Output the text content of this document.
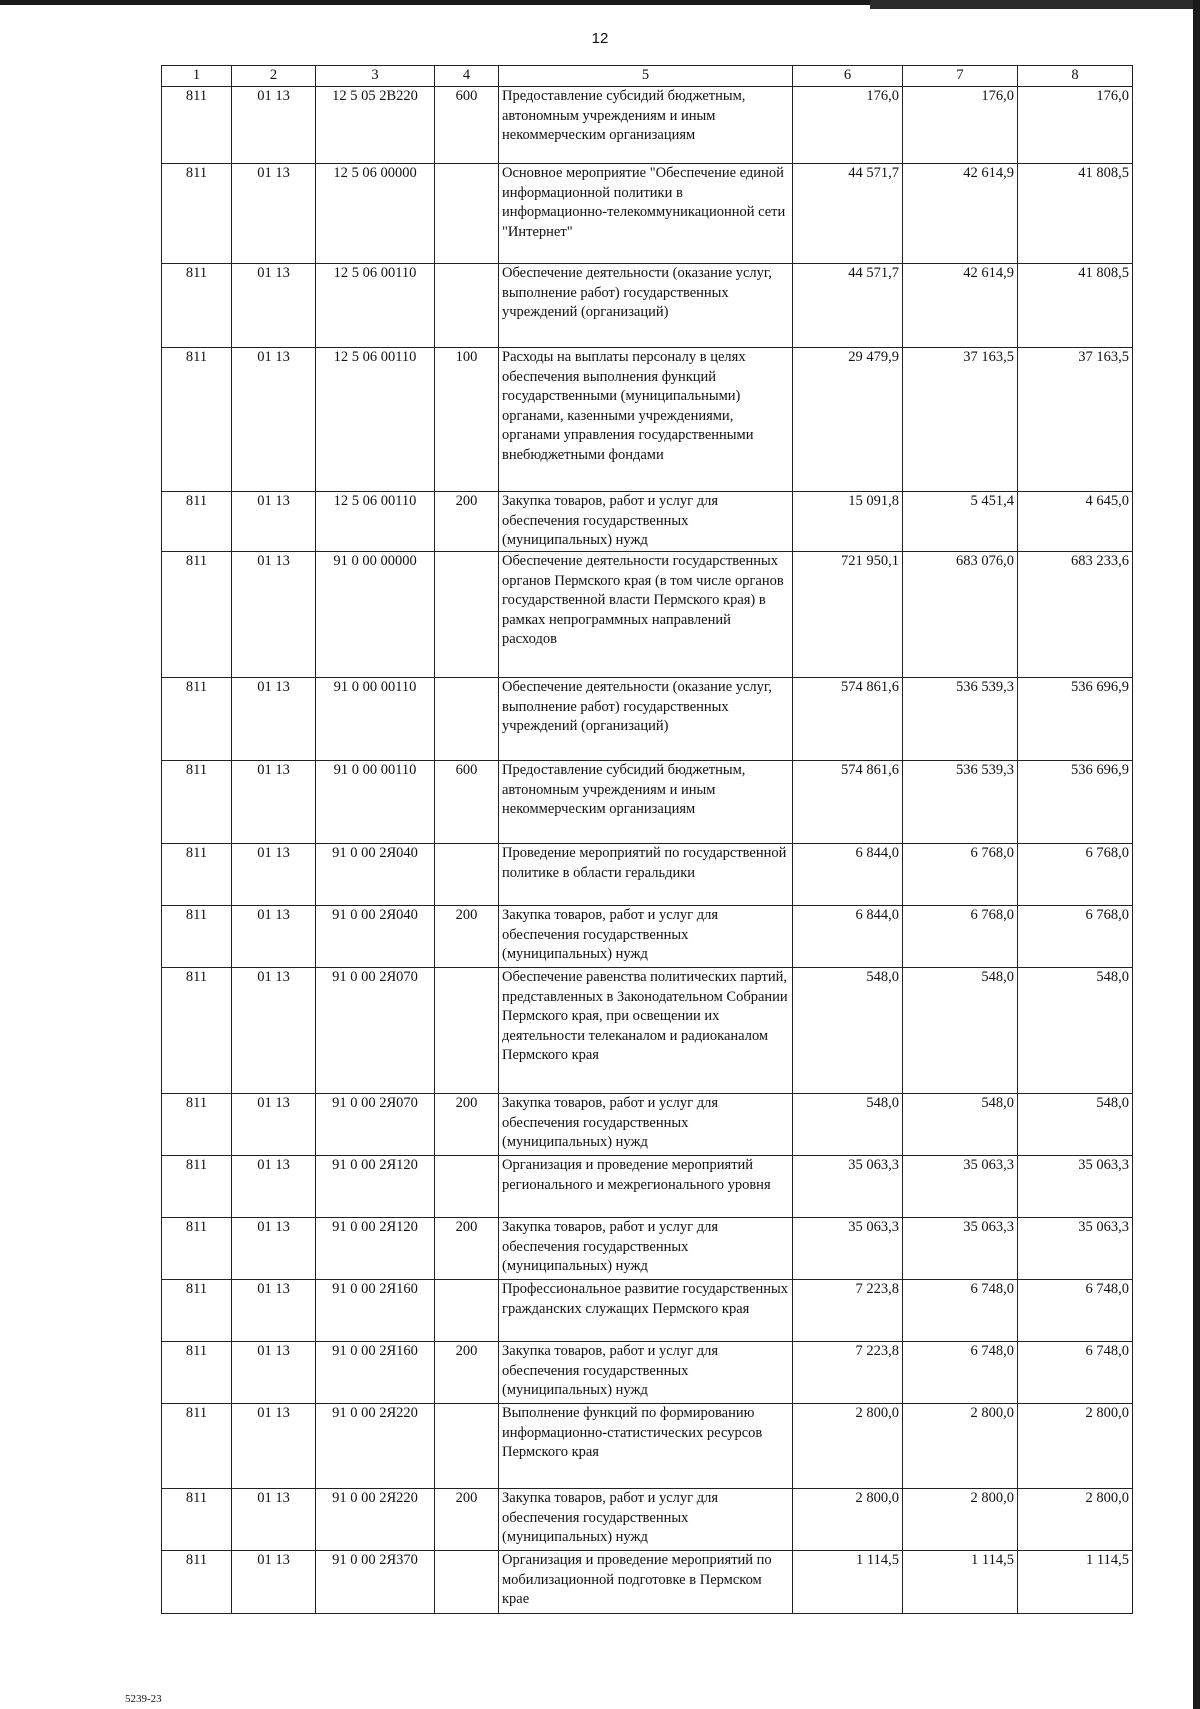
12
1	2	3	4	5	6	7	8
811	01 13	12 5 05 2В220	600	Предоставление субсидий бюджетным, автономным учреждениям и иным некоммерческим организациям	176,0	176,0	176,0
811	01 13	12 5 06 00000		Основное мероприятие "Обеспечение единой информационной политики в информационно-телекоммуникационной сети "Интернет"	44 571,7	42 614,9	41 808,5
811	01 13	12 5 06 00110		Обеспечение деятельности (оказание услуг, выполнение работ) государственных учреждений (организаций)	44 571,7	42 614,9	41 808,5
811	01 13	12 5 06 00110	100	Расходы на выплаты персоналу в целях обеспечения выполнения функций государственными (муниципальными) органами, казенными учреждениями, органами управления государственными внебюджетными фондами	29 479,9	37 163,5	37 163,5
811	01 13	12 5 06 00110	200	Закупка товаров, работ и услуг для обеспечения государственных (муниципальных) нужд	15 091,8	5 451,4	4 645,0
811	01 13	91 0 00 00000		Обеспечение деятельности государственных органов Пермского края (в том числе органов государственной власти Пермского края) в рамках непрограммных направлений расходов	721 950,1	683 076,0	683 233,6
811	01 13	91 0 00 00110		Обеспечение деятельности (оказание услуг, выполнение работ) государственных учреждений (организаций)	574 861,6	536 539,3	536 696,9
811	01 13	91 0 00 00110	600	Предоставление субсидий бюджетным, автономным учреждениям и иным некоммерческим организациям	574 861,6	536 539,3	536 696,9
811	01 13	91 0 00 2Я040		Проведение мероприятий по государственной политике в области геральдики	6 844,0	6 768,0	6 768,0
811	01 13	91 0 00 2Я040	200	Закупка товаров, работ и услуг для обеспечения государственных (муниципальных) нужд	6 844,0	6 768,0	6 768,0
811	01 13	91 0 00 2Я070		Обеспечение равенства политических партий, представленных в Законодательном Собрании Пермского края, при освещении их деятельности телеканалом и радиоканалом Пермского края	548,0	548,0	548,0
811	01 13	91 0 00 2Я070	200	Закупка товаров, работ и услуг для обеспечения государственных (муниципальных) нужд	548,0	548,0	548,0
811	01 13	91 0 00 2Я120		Организация и проведение мероприятий регионального и межрегионального уровня	35 063,3	35 063,3	35 063,3
811	01 13	91 0 00 2Я120	200	Закупка товаров, работ и услуг для обеспечения государственных (муниципальных) нужд	35 063,3	35 063,3	35 063,3
811	01 13	91 0 00 2Я160		Профессиональное развитие государственных гражданских служащих Пермского края	7 223,8	6 748,0	6 748,0
811	01 13	91 0 00 2Я160	200	Закупка товаров, работ и услуг для обеспечения государственных (муниципальных) нужд	7 223,8	6 748,0	6 748,0
811	01 13	91 0 00 2Я220		Выполнение функций по формированию информационно-статистических ресурсов Пермского края	2 800,0	2 800,0	2 800,0
811	01 13	91 0 00 2Я220	200	Закупка товаров, работ и услуг для обеспечения государственных (муниципальных) нужд	2 800,0	2 800,0	2 800,0
811	01 13	91 0 00 2Я370		Организация и проведение мероприятий по мобилизационной подготовке в Пермском крае	1 114,5	1 114,5	1 114,5
5239-23
